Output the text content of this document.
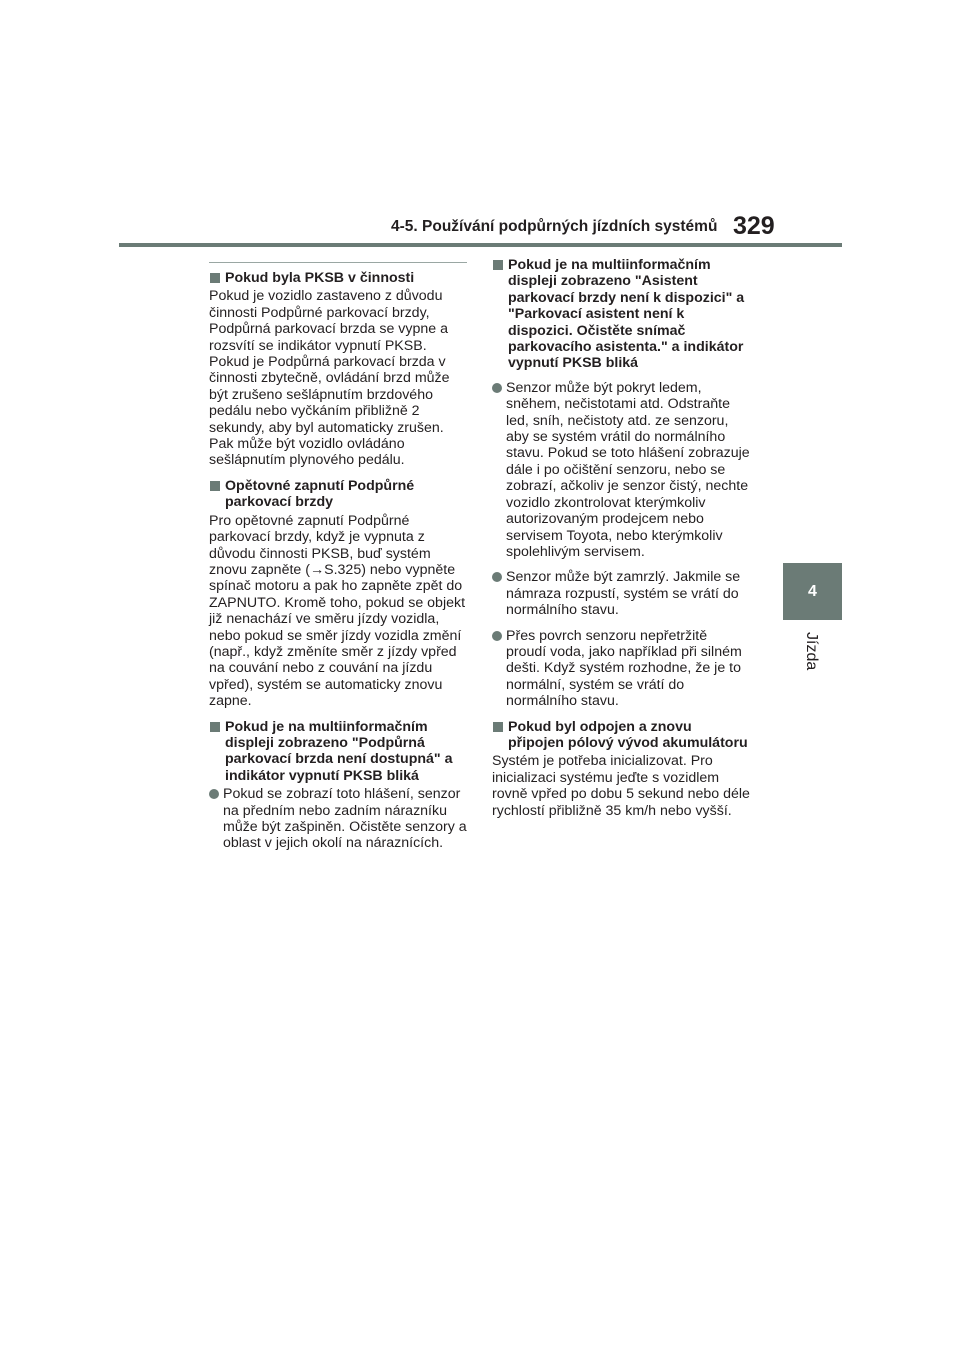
4-5. Používání podpůrných jízdních systémů 329
4
Jízda
Pokud byla PKSB v činnosti

Pokud je vozidlo zastaveno z důvodu činnosti Podpůrné parkovací brzdy, Podpůrná parkovací brzda se vypne a rozsvítí se indikátor vypnutí PKSB. Pokud je Podpůrná parkovací brzda v činnosti zbytečně, ovládání brzd může být zrušeno sešlápnutím brzdového pedálu nebo vyčkáním přibližně 2 sekundy, aby byl automaticky zrušen. Pak může být vozidlo ovládáno sešlápnutím plynového pedálu.

Opětovné zapnutí Podpůrné parkovací brzdy

Pro opětovné zapnutí Podpůrné parkovací brzdy, když je vypnuta z důvodu činnosti PKSB, buď systém znovu zapněte (→S.325) nebo vypněte spínač motoru a pak ho zapněte zpět do ZAPNUTO. Kromě toho, pokud se objekt již nenachází ve směru jízdy vozidla, nebo pokud se směr jízdy vozidla změní (např., když změníte směr z jízdy vpřed na couvání nebo z couvání na jízdu vpřed), systém se automaticky znovu zapne.

Pokud je na multiinformačním displeji zobrazeno "Podpůrná parkovací brzda není dostupná" a indikátor vypnutí PKSB bliká
Pokud se zobrazí toto hlášení, senzor na předním nebo zadním nárazníku může být zašpiněn. Očistěte senzory a oblast v jejich okolí na náraznících.
Pokud je na multiinformačním displeji zobrazeno "Asistent parkovací brzdy není k dispozici" a "Parkovací asistent není k dispozici. Očistěte snímač parkovacího asistenta." a indikátor vypnutí PKSB bliká
Senzor může být pokryt ledem, sněhem, nečistotami atd. Odstraňte led, sníh, nečistoty atd. ze senzoru, aby se systém vrátil do normálního stavu. Pokud se toto hlášení zobrazuje dále i po očištění senzoru, nebo se zobrazí, ačkoliv je senzor čistý, nechte vozidlo zkontrolovat kterýmkoliv autorizovaným prodejcem nebo servisem Toyota, nebo kterýmkoliv spolehlivým servisem.
Senzor může být zamrzlý. Jakmile se námraza rozpustí, systém se vrátí do normálního stavu.
Přes povrch senzoru nepřetržitě proudí voda, jako například při silném dešti. Když systém rozhodne, že je to normální, systém se vrátí do normálního stavu.
Pokud byl odpojen a znovu připojen pólový vývod akumulátoru

Systém je potřeba inicializovat. Pro inicializaci systému jeďte s vozidlem rovně vpřed po dobu 5 sekund nebo déle rychlostí přibližně 35 km/h nebo vyšší.
